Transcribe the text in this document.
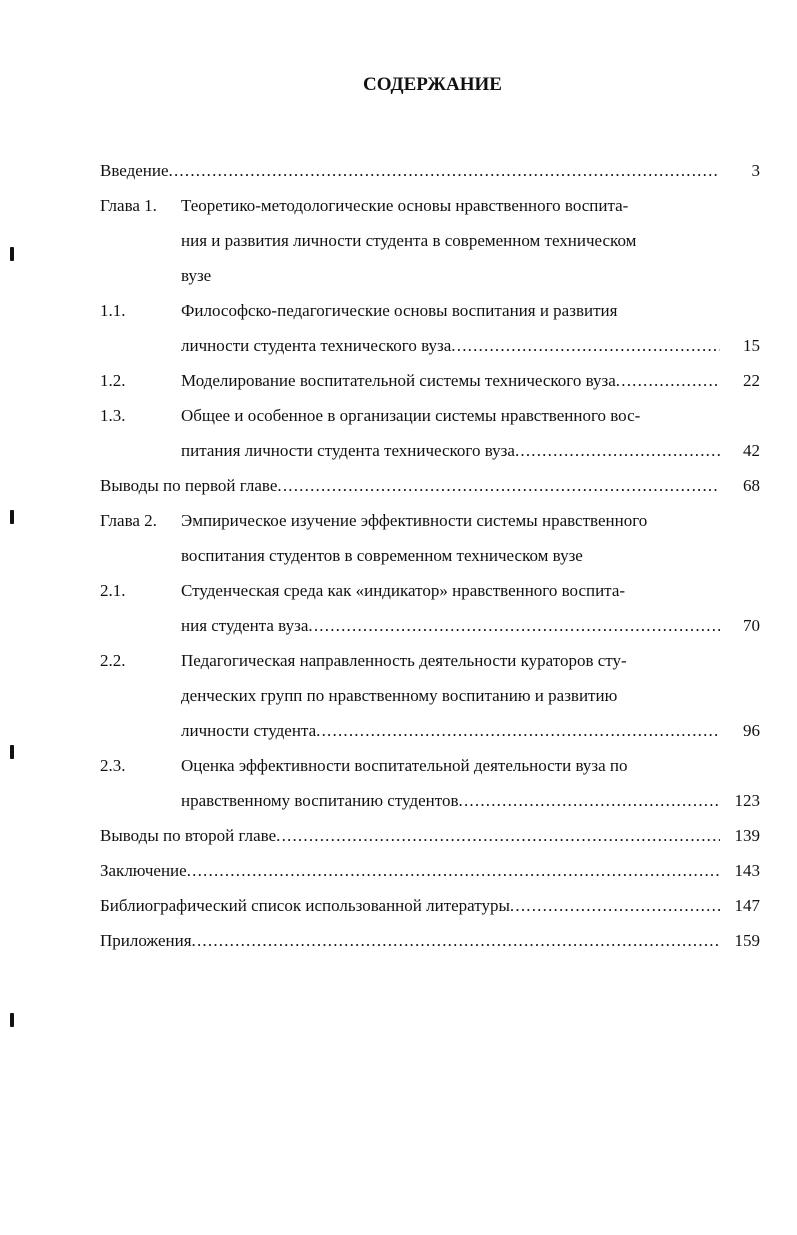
СОДЕРЖАНИЕ
Введение .....	3
Глава 1. Теоретико-методологические основы нравственного воспита-
ния и развития личности студента в современном техническом
вузе
1.1.	Философско-педагогические основы воспитания и развития
личности студента технического вуза .....	15
1.2.	Моделирование воспитательной системы технического вуза .....	22
1.3.	Общее и особенное в организации системы нравственного вос-
питания личности студента технического вуза .....	42
Выводы по первой главе .....	68
Глава 2. Эмпирическое изучение эффективности системы нравственного
воспитания студентов в современном техническом вузе
2.1.	Студенческая среда как «индикатор» нравственного воспита-
ния студента вуза .....	70
2.2.	Педагогическая направленность деятельности кураторов сту-
денческих групп по нравственному воспитанию и развитию
личности студента .....	96
2.3.	Оценка эффективности воспитательной деятельности вуза по
нравственному воспитанию студентов .....	123
Выводы по второй главе .....	139
Заключение .....	143
Библиографический список использованной литературы .....	147
Приложения .....	159
